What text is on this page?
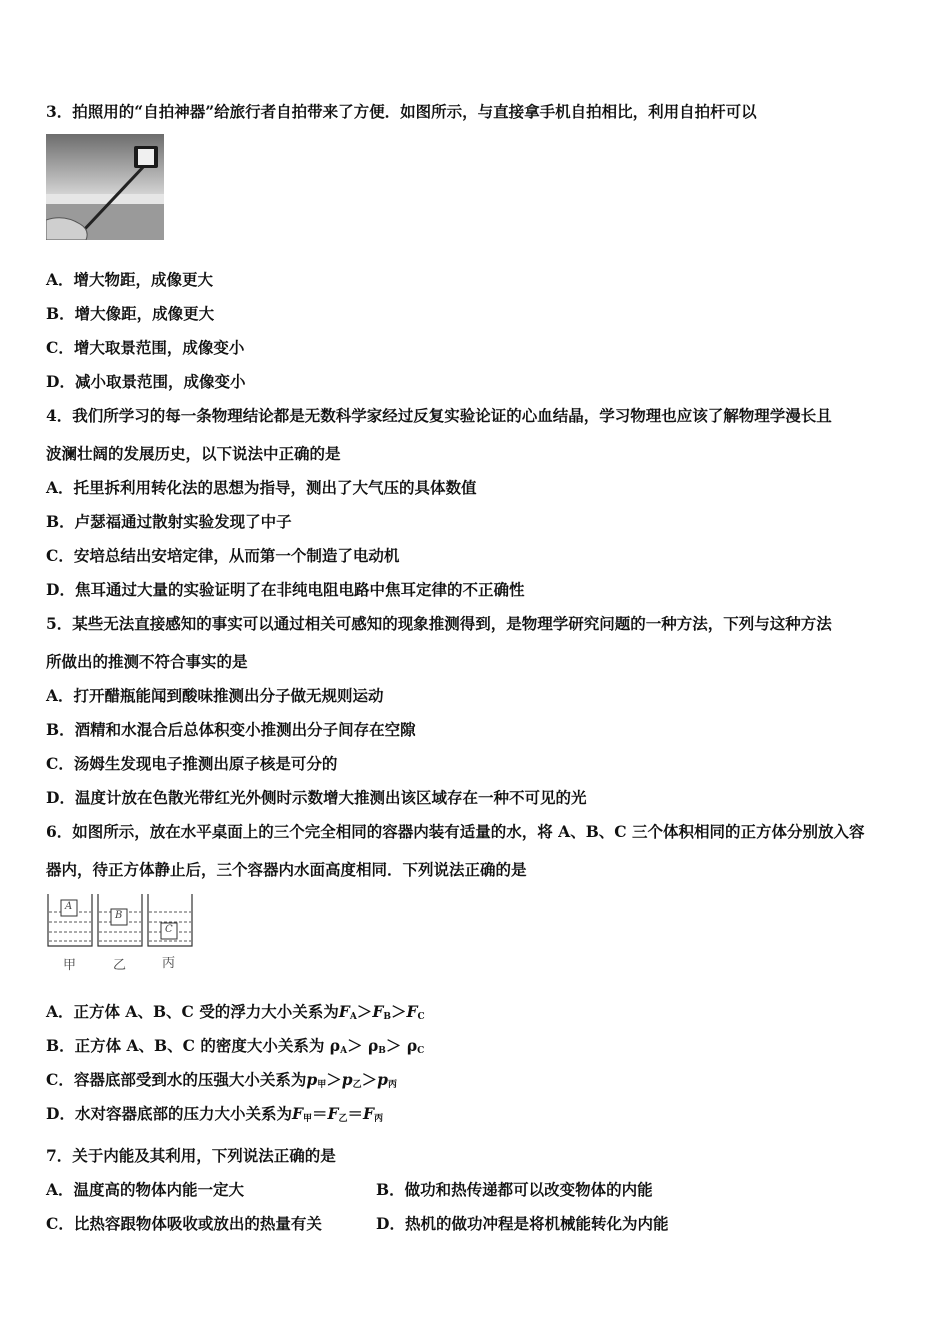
3．拍照用的“自拍神器”给旅行者自拍带来了方便．如图所示，与直接拿手机自拍相比，利用自拍杆可以
A．增大物距，成像更大
B．增大像距，成像更大
C．增大取景范围，成像变小
D．减小取景范围，成像变小
4．我们所学习的每一条物理结论都是无数科学家经过反复实验论证的心血结晶，学习物理也应该了解物理学漫长且
波澜壮阔的发展历史，以下说法中正确的是
A．托里拆利用转化法的思想为指导，测出了大气压的具体数值
B．卢瑟福通过散射实验发现了中子
C．安培总结出安培定律，从而第一个制造了电动机
D．焦耳通过大量的实验证明了在非纯电阻电路中焦耳定律的不正确性
5．某些无法直接感知的事实可以通过相关可感知的现象推测得到，是物理学研究问题的一种方法，下列与这种方法
所做出的推测不符合事实的是
A．打开醋瓶能闻到酸味推测出分子做无规则运动
B．酒精和水混合后总体积变小推测出分子间存在空隙
C．汤姆生发现电子推测出原子核是可分的
D．温度计放在色散光带红光外侧时示数增大推测出该区域存在一种不可见的光
6．如图所示，放在水平桌面上的三个完全相同的容器内装有适量的水，将 A、B、C 三个体积相同的正方体分别放入容
器内，待正方体静止后，三个容器内水面高度相同．下列说法正确的是
A
B
C
甲	乙	丙
A．正方体 A、B、C 受的浮力大小关系为$F_A>F_B>F_C$
B．正方体 A、B、C 的密度大小关系为 $\rho_A> \rho_B> \rho_C$
C．容器底部受到水的压强大小关系为$p_甲>p_乙>p_丙$
D．水对容器底部的压力大小关系为$F_甲=F_乙=F_丙$
7．关于内能及其利用，下列说法正确的是
A．温度高的物体内能一定大	B．做功和热传递都可以改变物体的内能
C．比热容跟物体吸收或放出的热量有关	D．热机的做功冲程是将机械能转化为内能
